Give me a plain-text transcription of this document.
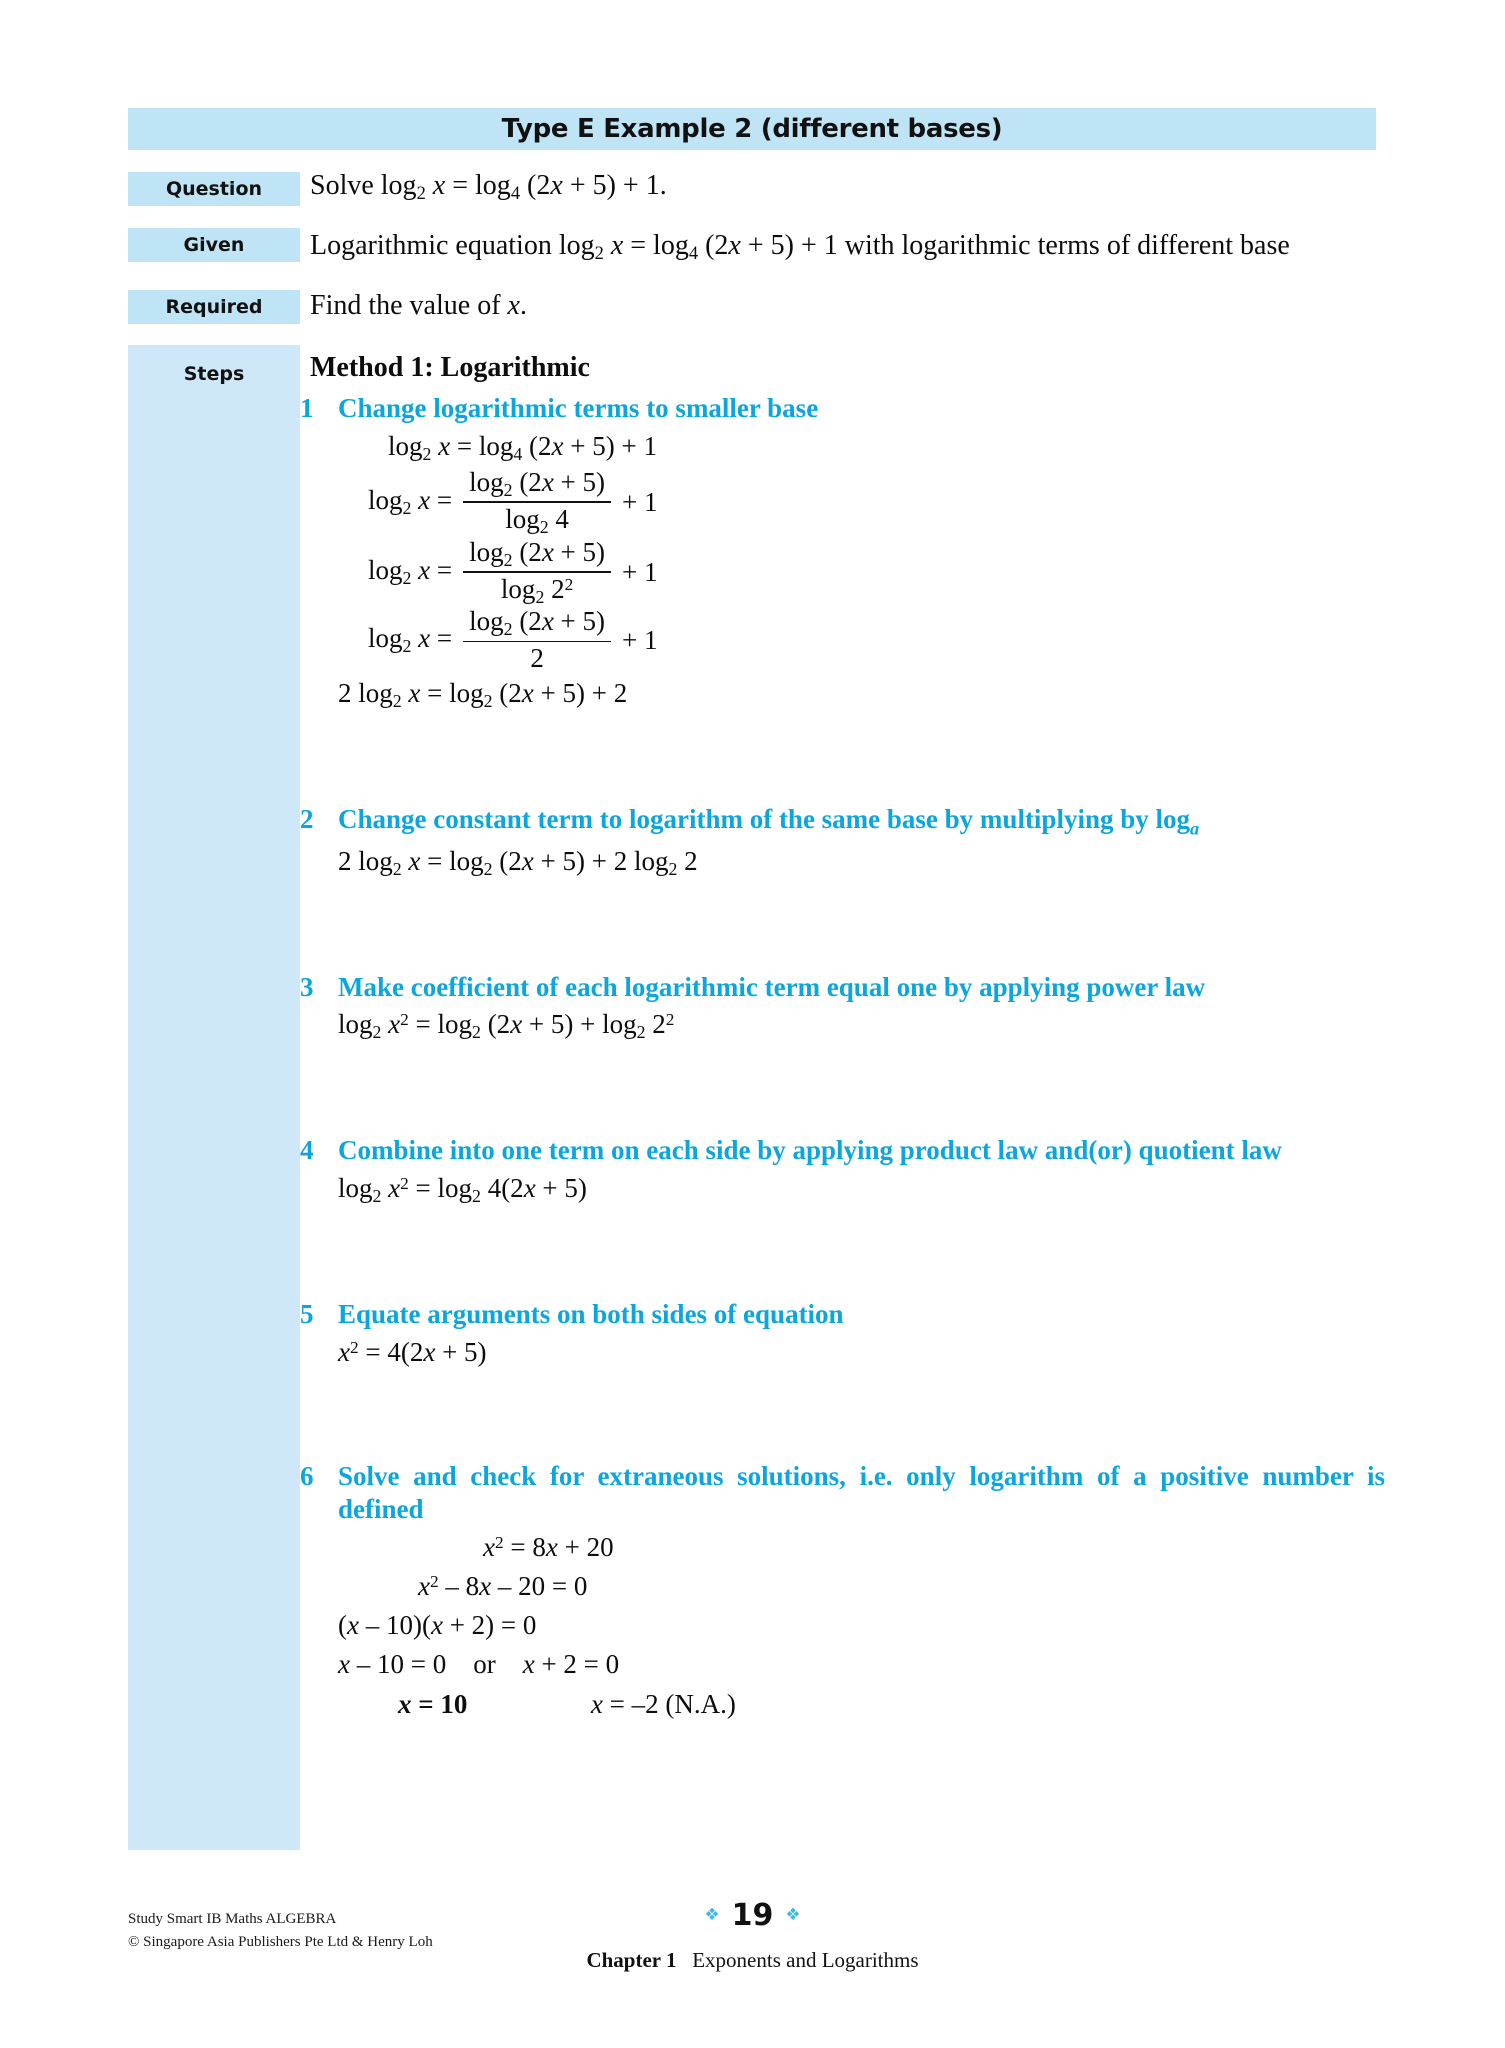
Type E Example 2 (different bases)
Question
Given
Required
Steps
Solve $\log_2 x = \log_4 (2x + 5) + 1$.
Logarithmic equation $\log_2 x = \log_4 (2x + 5) + 1$ with logarithmic terms of different base
Find the value of x.
Method 1: Logarithmic
1 Change logarithmic terms to smaller base
$\log_2 x = \log_4 (2x + 5) + 1$
$\log_2 x = \frac{\log_2 (2x + 5)}{\log_2 4} + 1$
$\log_2 x = \frac{\log_2 (2x + 5)}{\log_2 2^2} + 1$
$\log_2 x = \frac{\log_2 (2x + 5)}{2} + 1$
2 $\log_2 x = \log_2 (2x + 5) + 2$
2 Change constant term to logarithm of the same base by multiplying by $\log_a$
2 $\log_2 x = \log_2 (2x + 5) + 2$ $\log_2 2$
3 Make coefficient of each logarithmic term equal one by applying power law
$\log_2 x^2 = \log_2 (2x + 5) + \log_2 2^2$
4 Combine into one term on each side by applying product law and(or) quotient law
$\log_2 x^2 = \log_2 4(2x + 5)$
5 Equate arguments on both sides of equation
$x^2 = 4(2x + 5)$
6 Solve and check for extraneous solutions, i.e. only logarithm of a positive number is defined
$x^2 = 8x + 20$
$x^2 - 8x - 20 = 0$
(x – 10)(x + 2) = 0
x – 10 = 0    or    x + 2 = 0
x = 10	x = –2 (N.A.)
Study Smart IB Maths ALGEBRA
© Singapore Asia Publishers Pte Ltd & Henry Loh
❖ 19 ❖
Chapter 1 Exponents and Logarithms
